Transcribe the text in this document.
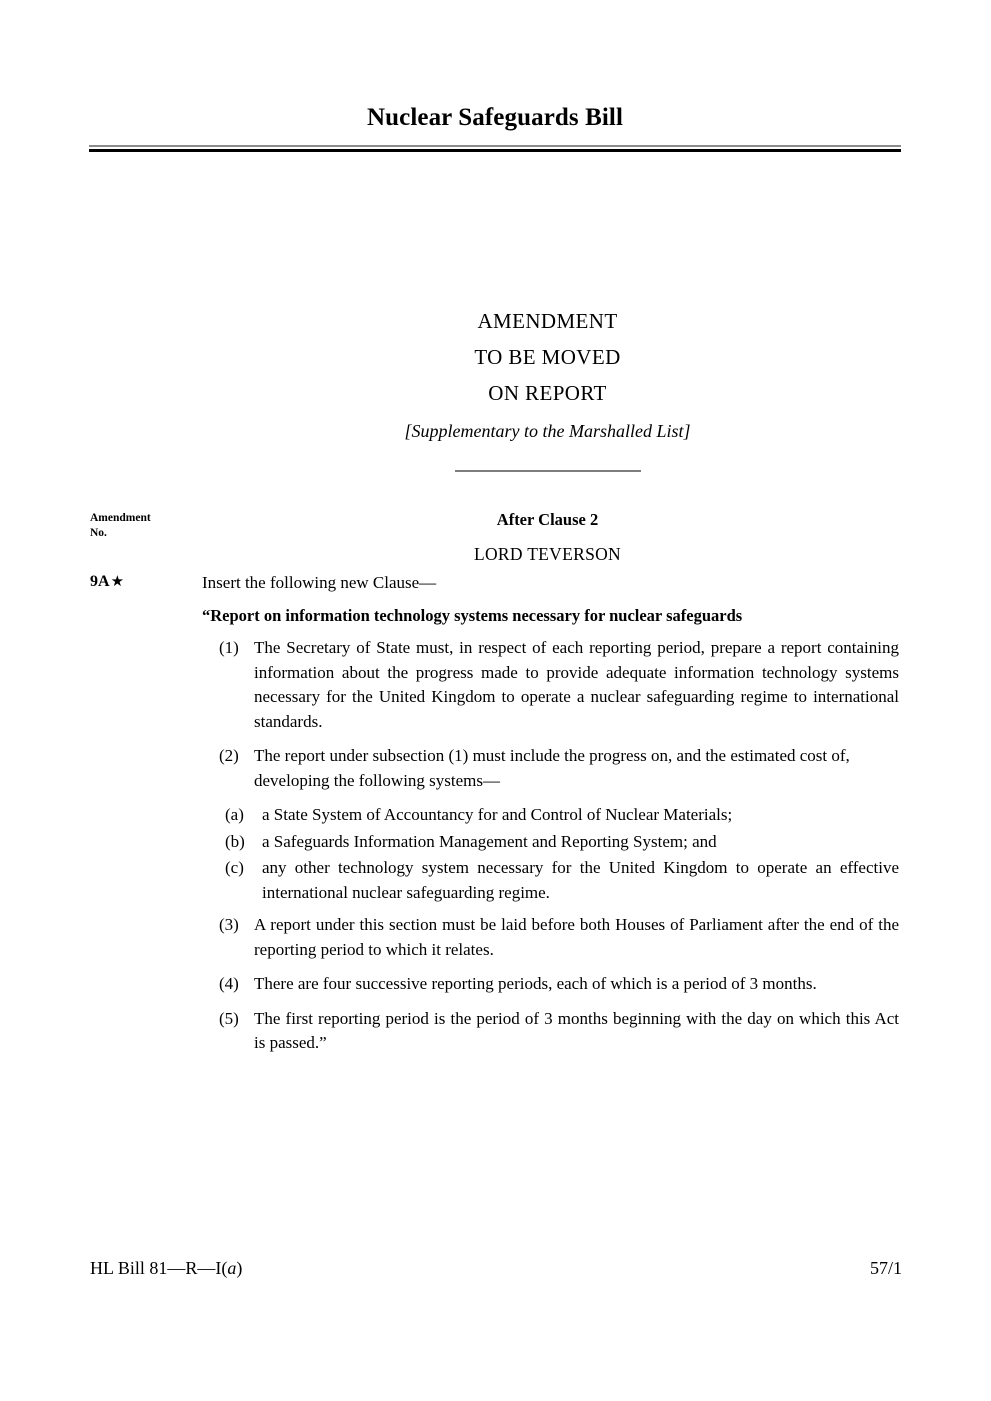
Nuclear Safeguards Bill
AMENDMENT
TO BE MOVED
ON REPORT
[Supplementary to the Marshalled List]
Amendment
No.
After Clause 2
LORD TEVERSON
9A★	Insert the following new Clause—
“Report on information technology systems necessary for nuclear safeguards
(1) The Secretary of State must, in respect of each reporting period, prepare a report containing information about the progress made to provide adequate information technology systems necessary for the United Kingdom to operate a nuclear safeguarding regime to international standards.
(2) The report under subsection (1) must include the progress on, and the estimated cost of, developing the following systems—
(a)	a State System of Accountancy for and Control of Nuclear Materials;
(b)	a Safeguards Information Management and Reporting System; and
(c)	any other technology system necessary for the United Kingdom to operate an effective international nuclear safeguarding regime.
(3) A report under this section must be laid before both Houses of Parliament after the end of the reporting period to which it relates.
(4) There are four successive reporting periods, each of which is a period of 3 months.
(5) The first reporting period is the period of 3 months beginning with the day on which this Act is passed.”
HL Bill 81—R—I(a)	57/1
